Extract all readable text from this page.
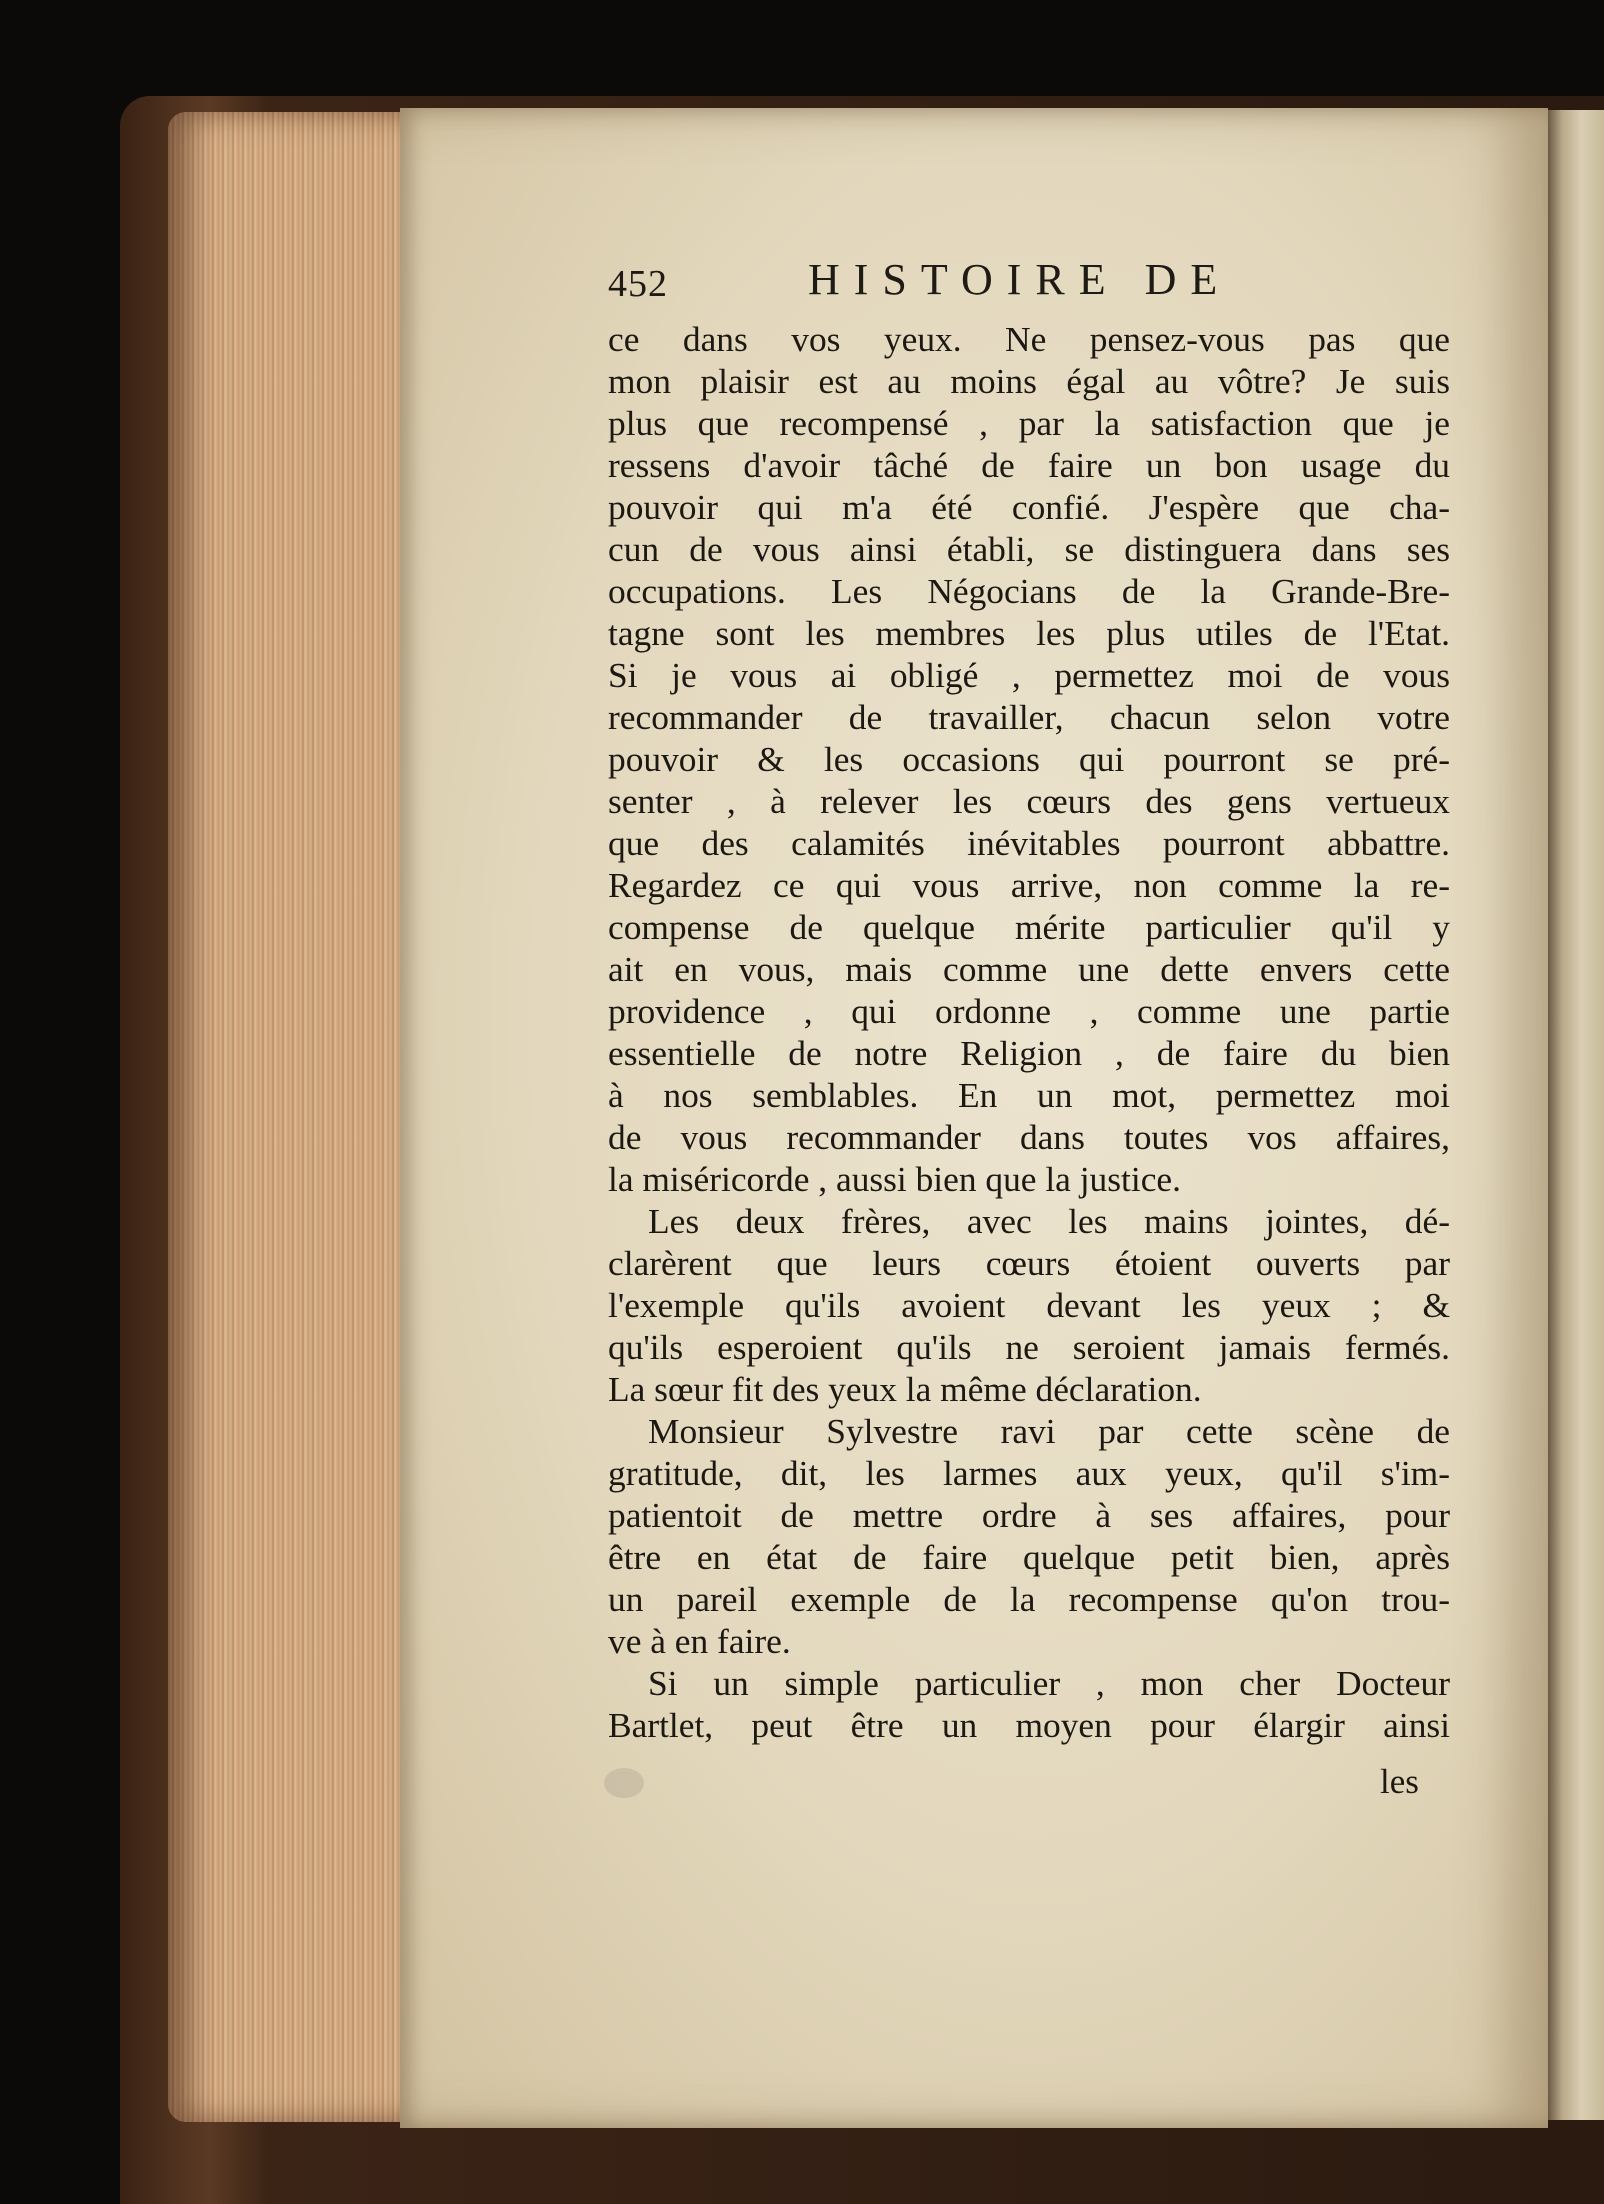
452	HISTOIRE DE
ce dans vos yeux. Ne pensez-vous pas que
mon plaisir est au moins égal au vôtre? Je suis
plus que recompensé , par la satisfaction que je
ressens d'avoir tâché de faire un bon usage du
pouvoir qui m'a été confié. J'espère que cha-
cun de vous ainsi établi, se distinguera dans ses
occupations. Les Négocians de la Grande-Bre-
tagne sont les membres les plus utiles de l'Etat.
Si je vous ai obligé , permettez moi de vous
recommander de travailler, chacun selon votre
pouvoir & les occasions qui pourront se pré-
senter , à relever les cœurs des gens vertueux
que des calamités inévitables pourront abbattre.
Regardez ce qui vous arrive, non comme la re-
compense de quelque mérite particulier qu'il y
ait en vous, mais comme une dette envers cette
providence , qui ordonne , comme une partie
essentielle de notre Religion , de faire du bien
à nos semblables. En un mot, permettez moi
de vous recommander dans toutes vos affaires,
la miséricorde , aussi bien que la justice.
Les deux frères, avec les mains jointes, dé-
clarèrent que leurs cœurs étoient ouverts par
l'exemple qu'ils avoient devant les yeux ; &
qu'ils esperoient qu'ils ne seroient jamais fermés.
La sœur fit des yeux la même déclaration.
Monsieur Sylvestre ravi par cette scène de
gratitude, dit, les larmes aux yeux, qu'il s'im-
patientoit de mettre ordre à ses affaires, pour
être en état de faire quelque petit bien, après
un pareil exemple de la recompense qu'on trou-
ve à en faire.
Si un simple particulier , mon cher Docteur
Bartlet, peut être un moyen pour élargir ainsi
les
